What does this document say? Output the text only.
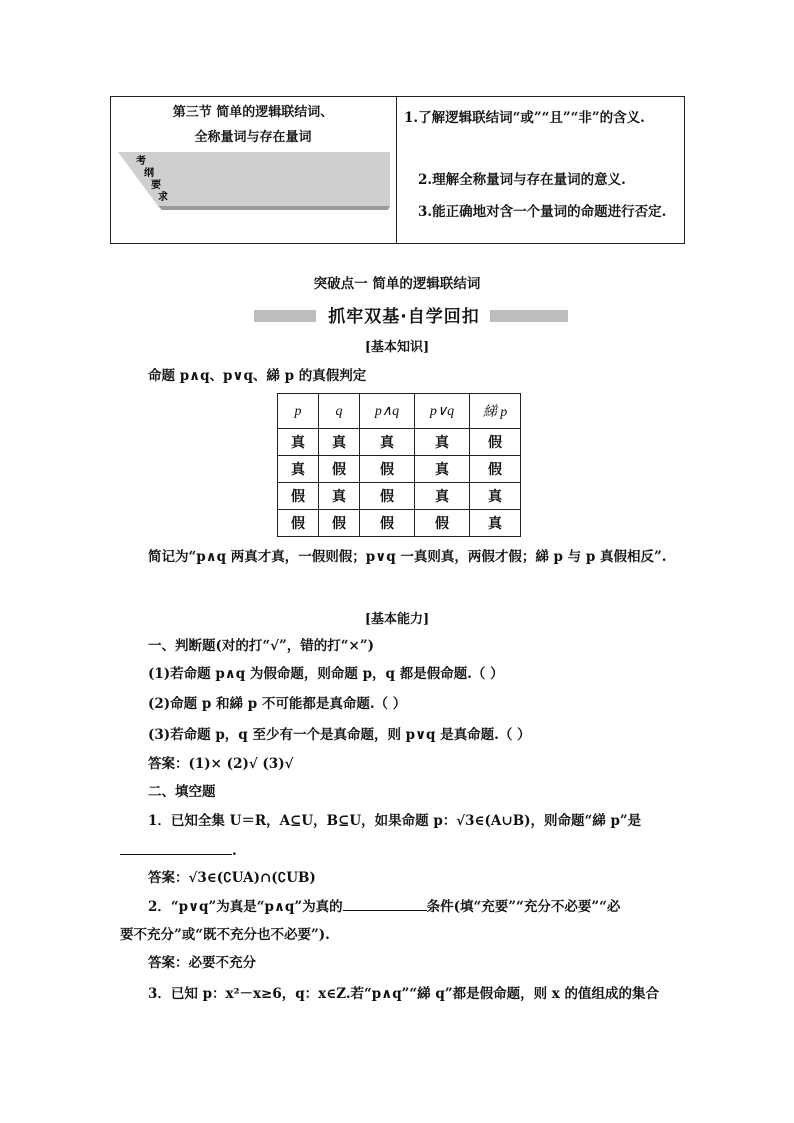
第三节 简单的逻辑联结词、
全称量词与存在量词
考
纲
要
求
1.了解逻辑联结词“或”“且”“非”的含义.
2.理解全称量词与存在量词的意义.
3.能正确地对含一个量词的命题进行否定.
突破点一 简单的逻辑联结词
抓牢双基·自学回扣
[基本知识]
命题 p∧q、p∨q、綈 p 的真假判定
p	q	p∧q	p∨q	綈 p
真	真	真	真	假
真	假	假	真	假
假	真	假	真	真
假	假	假	假	真
简记为“p∧q 两真才真，一假则假；p∨q 一真则真，两假才假；綈 p 与 p 真假相反”.
[基本能力]
一、判断题(对的打“√”，错的打“×”)
(1)若命题 p∧q 为假命题，则命题 p，q 都是假命题.（ ）
(2)命题 p 和綈 p 不可能都是真命题.（ ）
(3)若命题 p，q 至少有一个是真命题，则 p∨q 是真命题.（ ）
答案：(1)× (2)√ (3)√
二、填空题
1．已知全集 U＝R，A⊆U，B⊆U，如果命题 p：√3∈(A∪B)，则命题“綈 p”是
.
答案：√3∈(∁UA)∩(∁UB)
2．“p∨q”为真是“p∧q”为真的	条件(填“充要”“充分不必要”“必
要不充分”或“既不充分也不必要”).
答案：必要不充分
3．已知 p：x²－x≥6，q：x∈Z.若“p∧q”“綈 q”都是假命题，则 x 的值组成的集合
